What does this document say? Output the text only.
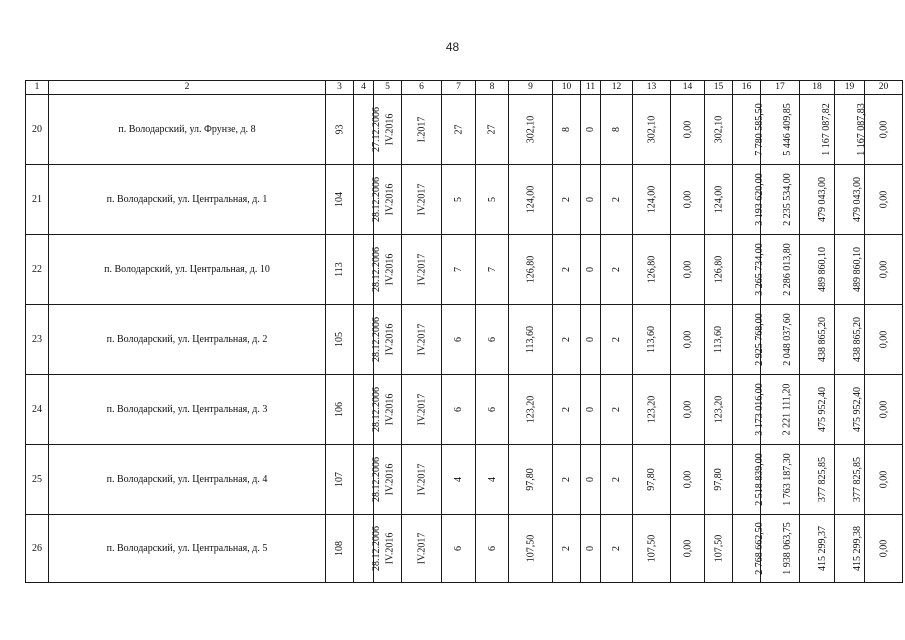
48
1	2	3	4	5	6	7	8	9	10	11	12	13	14	15	16	17	18	19	20
20	п. Володарский, ул. Фрунзе, д. 8	93	27.12.2006	IV.2016	I.2017	27	27	302,10	8	0	8	302,10	0,00	302,10	7 780 585,50	5 446 409,85	1 167 087,82	1 167 087,83	0,00
21	п. Володарский, ул. Центральная, д. 1	104	28.12.2006	IV.2016	IV.2017	5	5	124,00	2	0	2	124,00	0,00	124,00	3 193 620,00	2 235 534,00	479 043,00	479 043,00	0,00
22	п. Володарский, ул. Центральная, д. 10	113	28.12.2006	IV.2016	IV.2017	7	7	126,80	2	0	2	126,80	0,00	126,80	3 265 734,00	2 286 013,80	489 860,10	489 860,10	0,00
23	п. Володарский, ул. Центральная, д. 2	105	28.12.2006	IV.2016	IV.2017	6	6	113,60	2	0	2	113,60	0,00	113,60	2 925 768,00	2 048 037,60	438 865,20	438 865,20	0,00
24	п. Володарский, ул. Центральная, д. 3	106	28.12.2006	IV.2016	IV.2017	6	6	123,20	2	0	2	123,20	0,00	123,20	3 173 016,00	2 221 111,20	475 952,40	475 952,40	0,00
25	п. Володарский, ул. Центральная, д. 4	107	28.12.2006	IV.2016	IV.2017	4	4	97,80	2	0	2	97,80	0,00	97,80	2 518 839,00	1 763 187,30	377 825,85	377 825,85	0,00
26	п. Володарский, ул. Центральная, д. 5	108	28.12.2006	IV.2016	IV.2017	6	6	107,50	2	0	2	107,50	0,00	107,50	2 768 662,50	1 938 063,75	415 299,37	415 299,38	0,00
